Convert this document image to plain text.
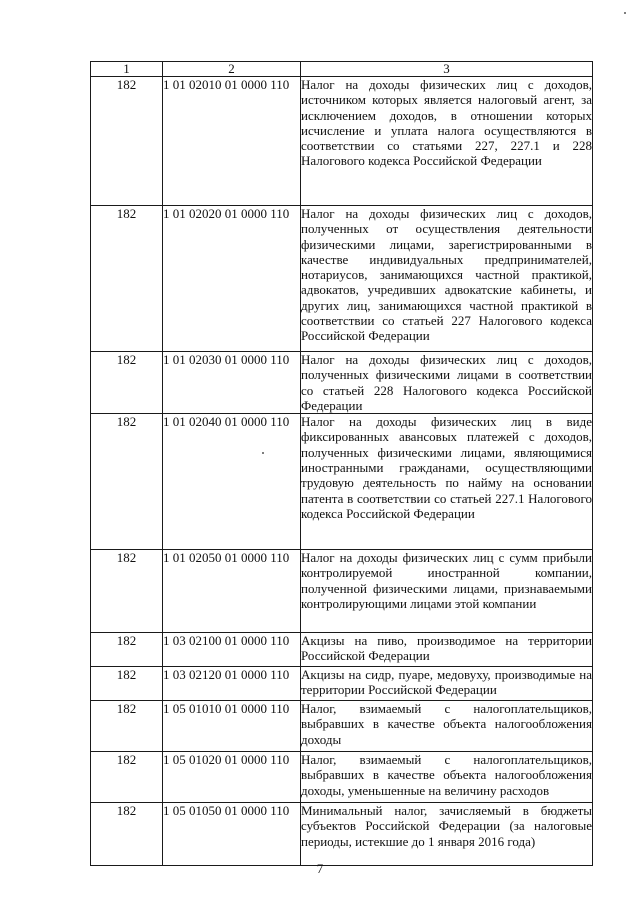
1	2	3
182	1 01 02010 01 0000 110	Налог на доходы физических лиц с доходов, источником которых является налоговый агент, за исключением доходов, в отношении которых исчисление и уплата налога осуществляются в соответствии со статьями 227, 227.1 и 228 Налогового кодекса Российской Федерации
182	1 01 02020 01 0000 110	Налог на доходы физических лиц с доходов, полученных от осуществления деятельности физическими лицами, зарегистрированными в качестве индивидуальных предпринимателей, нотариусов, занимающихся частной практикой, адвокатов, учредивших адвокатские кабинеты, и других лиц, занимающихся частной практикой в соответствии со статьей 227 Налогового кодекса Российской Федерации
182	1 01 02030 01 0000 110	Налог на доходы физических лиц с доходов, полученных физическими лицами в соответствии со статьей 228 Налогового кодекса Российской Федерации
182	1 01 02040 01 0000 110	Налог на доходы физических лиц в виде фиксированных авансовых платежей с доходов, полученных физическими лицами, являющимися иностранными гражданами, осуществляющими трудовую деятельность по найму на основании патента в соответствии со статьей 227.1 Налогового кодекса Российской Федерации
182	1 01 02050 01 0000 110	Налог на доходы физических лиц с сумм прибыли контролируемой иностранной компании, полученной физическими лицами, признаваемыми контролирующими лицами этой компании
182	1 03 02100 01 0000 110	Акцизы на пиво, производимое на территории Российской Федерации
182	1 03 02120 01 0000 110	Акцизы на сидр, пуаре, медовуху, производимые на территории Российской Федерации
182	1 05 01010 01 0000 110	Налог, взимаемый с налогоплательщиков, выбравших в качестве объекта налогообложения доходы
182	1 05 01020 01 0000 110	Налог, взимаемый с налогоплательщиков, выбравших в качестве объекта налогообложения доходы, уменьшенные на величину расходов
182	1 05 01050 01 0000 110	Минимальный налог, зачисляемый в бюджеты субъектов Российской Федерации (за налоговые периоды, истекшие до 1 января 2016 года)
7
